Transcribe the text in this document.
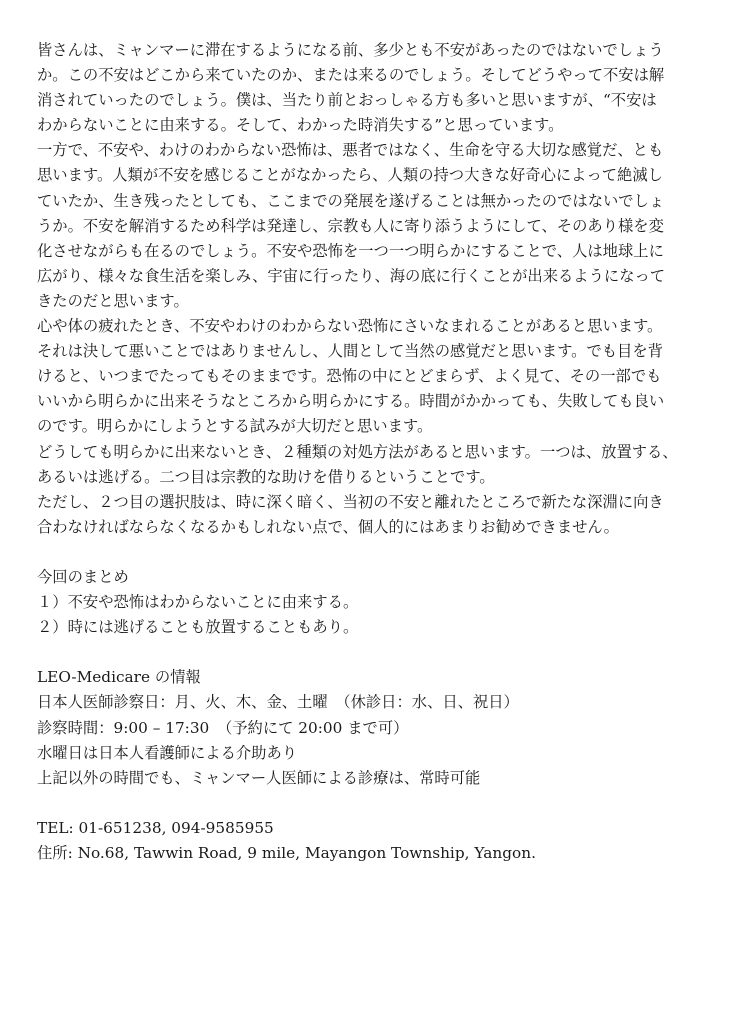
皆さんは、ミャンマーに滞在するようになる前、多少とも不安があったのではないでしょう
か。この不安はどこから来ていたのか、または来るのでしょう。そしてどうやって不安は解
消されていったのでしょう。僕は、当たり前とおっしゃる方も多いと思いますが、“不安は
わからないことに由来する。そして、わかった時消失する”と思っています。
一方で、不安や、わけのわからない恐怖は、悪者ではなく、生命を守る大切な感覚だ、とも
思います。人類が不安を感じることがなかったら、人類の持つ大きな好奇心によって絶滅し
ていたか、生き残ったとしても、ここまでの発展を遂げることは無かったのではないでしょ
うか。不安を解消するため科学は発達し、宗教も人に寄り添うようにして、そのあり様を変
化させながらも在るのでしょう。不安や恐怖を一つ一つ明らかにすることで、人は地球上に
広がり、様々な食生活を楽しみ、宇宙に行ったり、海の底に行くことが出来るようになって
きたのだと思います。
心や体の疲れたとき、不安やわけのわからない恐怖にさいなまれることがあると思います。
それは決して悪いことではありませんし、人間として当然の感覚だと思います。でも目を背
けると、いつまでたってもそのままです。恐怖の中にとどまらず、よく見て、その一部でも
いいから明らかに出来そうなところから明らかにする。時間がかかっても、失敗しても良い
のです。明らかにしようとする試みが大切だと思います。
どうしても明らかに出来ないとき、２種類の対処方法があると思います。一つは、放置する、
あるいは逃げる。二つ目は宗教的な助けを借りるということです。
ただし、２つ目の選択肢は、時に深く暗く、当初の不安と離れたところで新たな深淵に向き
合わなければならなくなるかもしれない点で、個人的にはあまりお勧めできません。
今回のまとめ
１）不安や恐怖はわからないことに由来する。
２）時には逃げることも放置することもあり。
LEO-Medicare の情報
日本人医師診察日：月、火、木、金、土曜　（休診日：水、日、祝日）
診察時間：9:00 – 17:30　（予約にて 20:00 まで可）
水曜日は日本人看護師による介助あり
上記以外の時間でも、ミャンマー人医師による診療は、常時可能
TEL: 01-651238, 094-9585955
住所: No.68, Tawwin Road, 9 mile, Mayangon Township, Yangon.
